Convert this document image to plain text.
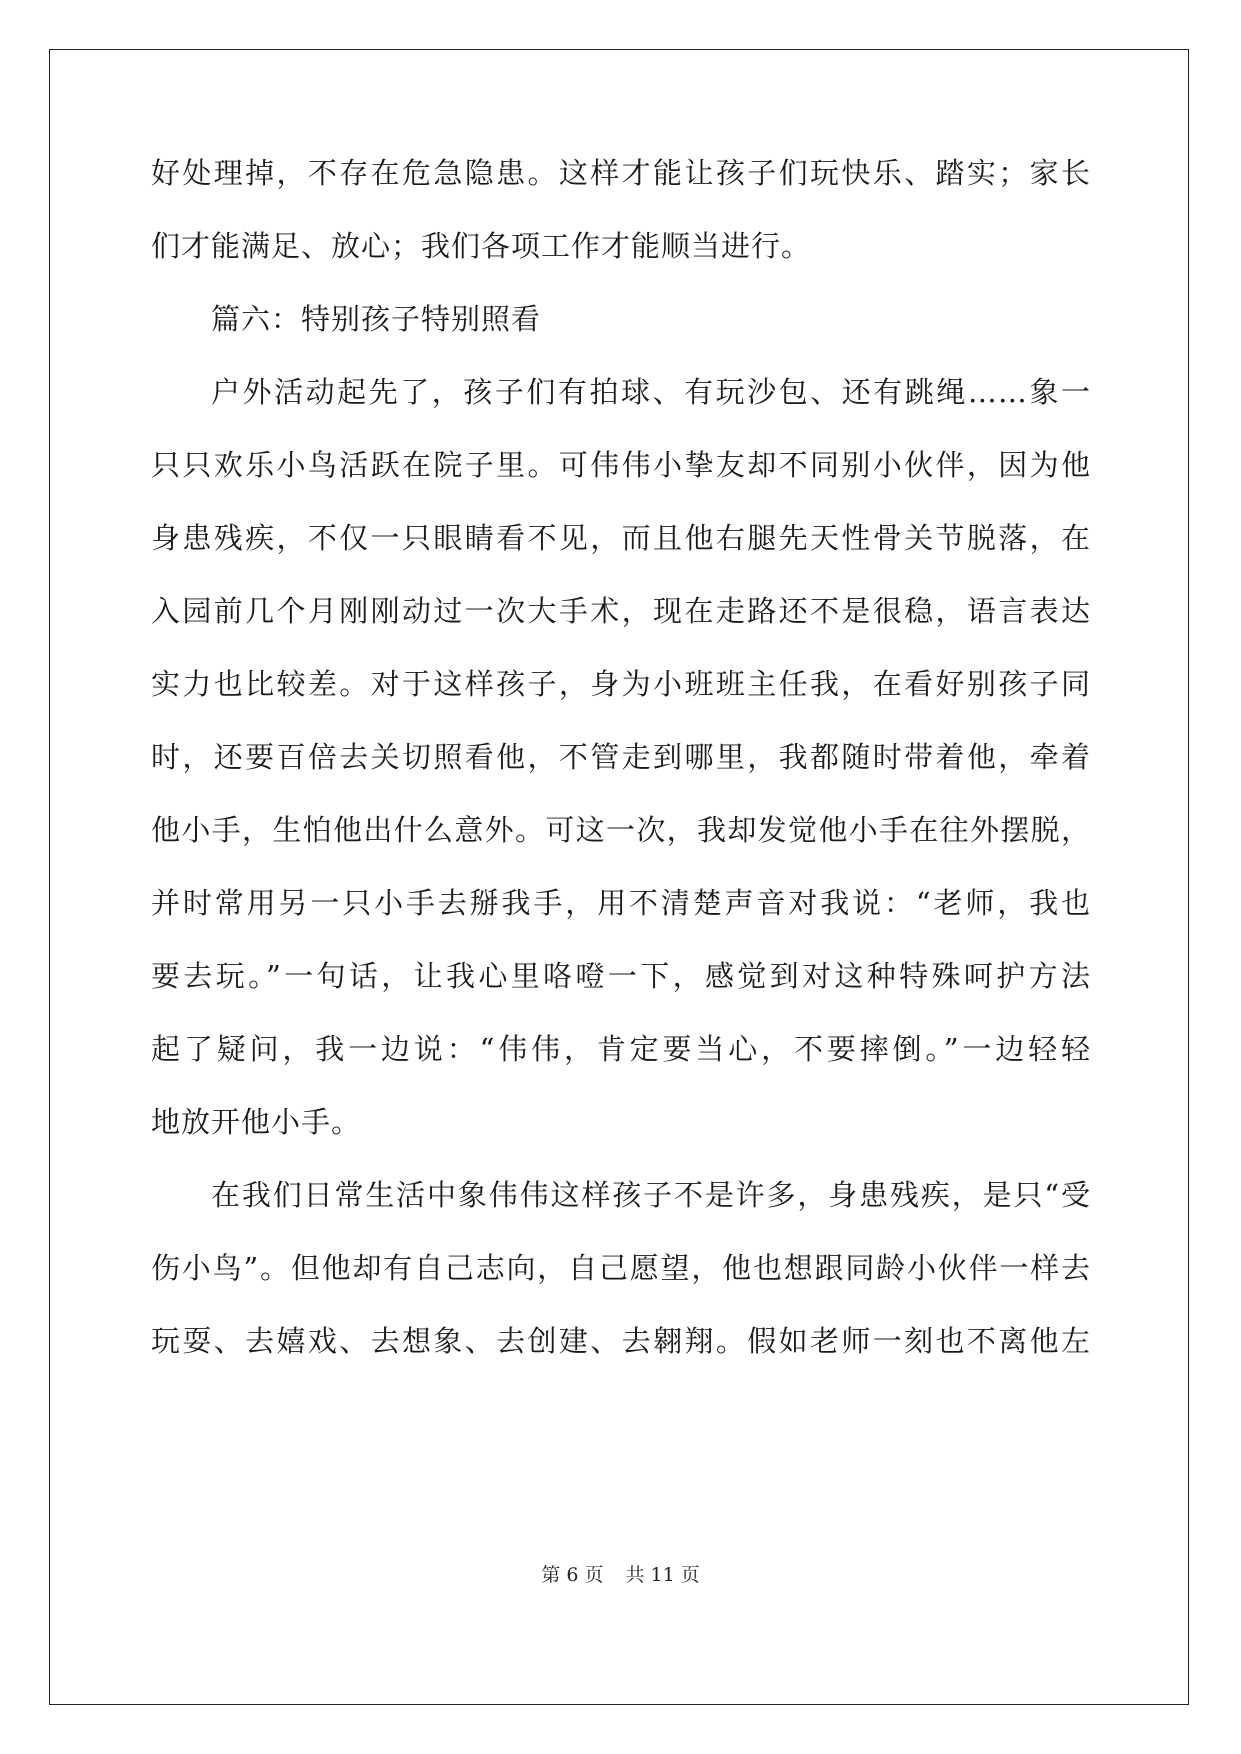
好处理掉，不存在危急隐患。这样才能让孩子们玩快乐、踏实；家长
们才能满足、放心；我们各项工作才能顺当进行。
篇六：特别孩子特别照看
户外活动起先了，孩子们有拍球、有玩沙包、还有跳绳……象一
只只欢乐小鸟活跃在院子里。可伟伟小挚友却不同别小伙伴，因为他
身患残疾，不仅一只眼睛看不见，而且他右腿先天性骨关节脱落，在
入园前几个月刚刚动过一次大手术，现在走路还不是很稳，语言表达
实力也比较差。对于这样孩子，身为小班班主任我，在看好别孩子同
时，还要百倍去关切照看他，不管走到哪里，我都随时带着他，牵着
他小手，生怕他出什么意外。可这一次，我却发觉他小手在往外摆脱，
并时常用另一只小手去掰我手，用不清楚声音对我说：“老师，我也
要去玩。”一句话，让我心里咯噔一下，感觉到对这种特殊呵护方法
起了疑问，我一边说：“伟伟，肯定要当心，不要摔倒。”一边轻轻
地放开他小手。
在我们日常生活中象伟伟这样孩子不是许多，身患残疾，是只“受
伤小鸟”。但他却有自己志向，自己愿望，他也想跟同龄小伙伴一样去
玩耍、去嬉戏、去想象、去创建、去翱翔。假如老师一刻也不离他左
第 6 页 共 11 页
